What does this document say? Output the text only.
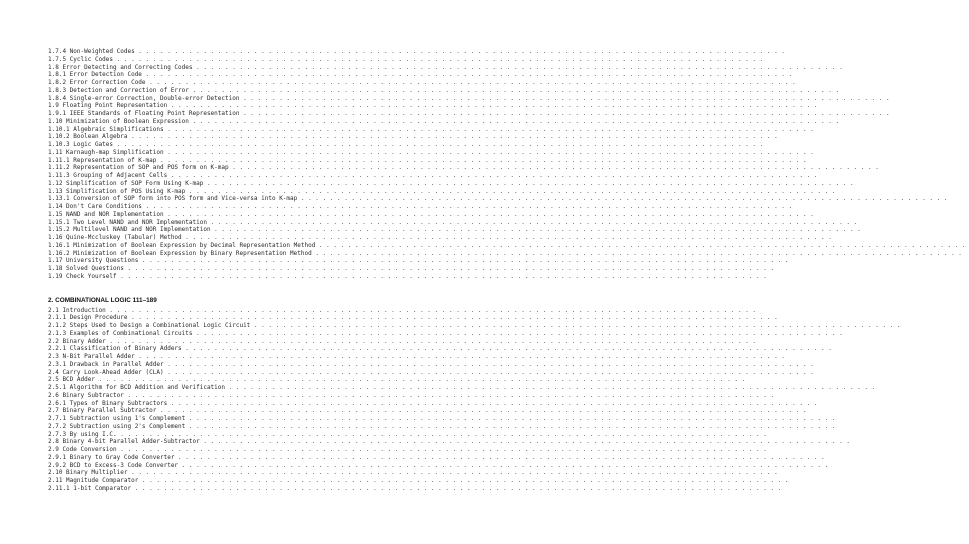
1.7.4 Non-Weighted Codes . . . . . . . . . . . . . . . . . . . . . . . . . . . . . . . . . . . . . . . . . . . . . . . . . . . . . . . . . . . . . . . . . . . . . . . . . . . . . . . . . . . . . . . . . .
1.7.5 Cyclic Codes . . . . . . . . . . . . . . . . . . . . . . . . . . . . . . . . . . . . . . . . . . . . . . . . . . . . . . . . . . . . . . . . . . . . . . . . . . . . . . . . . . . . . . . . . .
1.8 Error Detecting and Correcting Codes . . . . . . . . . . . . . . . . . . . . . . . . . . . . . . . . . . . . . . . . . . . . . . . . . . . . . . . . . . . . . . . . . . . . . . . . . . . . . . . . . . . . . . . . . .
1.8.1 Error Detection Code . . . . . . . . . . . . . . . . . . . . . . . . . . . . . . . . . . . . . . . . . . . . . . . . . . . . . . . . . . . . . . . . . . . . . . . . . . . . . . . . . . . . . . . . . .
1.8.2 Error Correction Code . . . . . . . . . . . . . . . . . . . . . . . . . . . . . . . . . . . . . . . . . . . . . . . . . . . . . . . . . . . . . . . . . . . . . . . . . . . . . . . . . . . . . . . . . .
1.8.3 Detection and Correction of Error . . . . . . . . . . . . . . . . . . . . . . . . . . . . . . . . . . . . . . . . . . . . . . . . . . . . . . . . . . . . . . . . . . . . . . . . . . . . . . . . . . . . . . . . . .
1.8.4 Single-error Correction, Double-error Detection . . . . . . . . . . . . . . . . . . . . . . . . . . . . . . . . . . . . . . . . . . . . . . . . . . . . . . . . . . . . . . . . . . . . . . . . . . . . . . . . . . . . . . . . . .
1.9 Floating Point Representation . . . . . . . . . . . . . . . . . . . . . . . . . . . . . . . . . . . . . . . . . . . . . . . . . . . . . . . . . . . . . . . . . . . . . . . . . . . . . . . . . . . . . . . . . .
1.9.1 IEEE Standards of Floating Point Representation . . . . . . . . . . . . . . . . . . . . . . . . . . . . . . . . . . . . . . . . . . . . . . . . . . . . . . . . . . . . . . . . . . . . . . . . . . . . . . . . . . . . . . . . . .
1.10 Minimization of Boolean Expression . . . . . . . . . . . . . . . . . . . . . . . . . . . . . . . . . . . . . . . . . . . . . . . . . . . . . . . . . . . . . . . . . . . . . . . . . . . . . . . . . . . . . . . . . .
1.10.1 Algebraic Simplifications . . . . . . . . . . . . . . . . . . . . . . . . . . . . . . . . . . . . . . . . . . . . . . . . . . . . . . . . . . . . . . . . . . . . . . . . . . . . . . . . . . . . . . . . . .
1.10.2 Boolean Algebra . . . . . . . . . . . . . . . . . . . . . . . . . . . . . . . . . . . . . . . . . . . . . . . . . . . . . . . . . . . . . . . . . . . . . . . . . . . . . . . . . . . . . . . . . .
1.10.3 Logic Gates . . . . . . . . . . . . . . . . . . . . . . . . . . . . . . . . . . . . . . . . . . . . . . . . . . . . . . . . . . . . . . . . . . . . . . . . . . . . . . . . . . . . . . . . . .
1.11 Karnaugh-map Simplification . . . . . . . . . . . . . . . . . . . . . . . . . . . . . . . . . . . . . . . . . . . . . . . . . . . . . . . . . . . . . . . . . . . . . . . . . . . . . . . . . . . . . . . . . .
1.11.1 Representation of K-map . . . . . . . . . . . . . . . . . . . . . . . . . . . . . . . . . . . . . . . . . . . . . . . . . . . . . . . . . . . . . . . . . . . . . . . . . . . . . . . . . . . . . . . . . .
1.11.2 Representation of SOP and POS form on K-map . . . . . . . . . . . . . . . . . . . . . . . . . . . . . . . . . . . . . . . . . . . . . . . . . . . . . . . . . . . . . . . . . . . . . . . . . . . . . . . . . . . . . . . . . .
1.11.3 Grouping of Adjacent Cells . . . . . . . . . . . . . . . . . . . . . . . . . . . . . . . . . . . . . . . . . . . . . . . . . . . . . . . . . . . . . . . . . . . . . . . . . . . . . . . . . . . . . . . . . .
1.12 Simplification of SOP Form Using K-map . . . . . . . . . . . . . . . . . . . . . . . . . . . . . . . . . . . . . . . . . . . . . . . . . . . . . . . . . . . . . . . . . . . . . . . . . . . . . . . . . . . . . . . . . .
1.13 Simplification of POS Using K-map . . . . . . . . . . . . . . . . . . . . . . . . . . . . . . . . . . . . . . . . . . . . . . . . . . . . . . . . . . . . . . . . . . . . . . . . . . . . . . . . . . . . . . . . . .
1.13.1 Conversion of SOP form into POS form and Vice-versa into K-map . . . . . . . . . . . . . . . . . . . . . . . . . . . . . . . . . . . . . . . . . . . . . . . . . . . . . . . . . . . . . . . . . . . . . . . . . . . . . . . . . . . . . . . . . .
1.14 Don't Care Conditions . . . . . . . . . . . . . . . . . . . . . . . . . . . . . . . . . . . . . . . . . . . . . . . . . . . . . . . . . . . . . . . . . . . . . . . . . . . . . . . . . . . . . . . . . .
1.15 NAND and NOR Implementation . . . . . . . . . . . . . . . . . . . . . . . . . . . . . . . . . . . . . . . . . . . . . . . . . . . . . . . . . . . . . . . . . . . . . . . . . . . . . . . . . . . . . . . . . .
1.15.1 Two Level NAND and NOR Implementation . . . . . . . . . . . . . . . . . . . . . . . . . . . . . . . . . . . . . . . . . . . . . . . . . . . . . . . . . . . . . . . . . . . . . . . . . . . . . . . . . . . . . . . . . .
1.15.2 Multilevel NAND and NOR Implementation . . . . . . . . . . . . . . . . . . . . . . . . . . . . . . . . . . . . . . . . . . . . . . . . . . . . . . . . . . . . . . . . . . . . . . . . . . . . . . . . . . . . . . . . . .
1.16 Quine-Mccluskey (Tabular) Method . . . . . . . . . . . . . . . . . . . . . . . . . . . . . . . . . . . . . . . . . . . . . . . . . . . . . . . . . . . . . . . . . . . . . . . . . . . . . . . . . . . . . . . . . .
1.16.1 Minimization of Boolean Expression by Decimal Representation Method . . . . . . . . . . . . . . . . . . . . . . . . . . . . . . . . . . . . . . . . . . . . . . . . . . . . . . . . . . . . . . . . . . . . . . . . . . . . . . . . . . . . . . . . . .
1.16.2 Minimization of Boolean Expression by Binary Representation Method . . . . . . . . . . . . . . . . . . . . . . . . . . . . . . . . . . . . . . . . . . . . . . . . . . . . . . . . . . . . . . . . . . . . . . . . . . . . . . . . . . . . . . . . . .
1.17 University Questions . . . . . . . . . . . . . . . . . . . . . . . . . . . . . . . . . . . . . . . . . . . . . . . . . . . . . . . . . . . . . . . . . . . . . . . . . . . . . . . . . . . . . . . . . .
1.18 Solved Questions . . . . . . . . . . . . . . . . . . . . . . . . . . . . . . . . . . . . . . . . . . . . . . . . . . . . . . . . . . . . . . . . . . . . . . . . . . . . . . . . . . . . . . . . . .
1.19 Check Yourself . . . . . . . . . . . . . . . . . . . . . . . . . . . . . . . . . . . . . . . . . . . . . . . . . . . . . . . . . . . . . . . . . . . . . . . . . . . . . . . . . . . . . . . . . .
2. COMBINATIONAL LOGIC 111–189
2.1 Introduction . . . . . . . . . . . . . . . . . . . . . . . . . . . . . . . . . . . . . . . . . . . . . . . . . . . . . . . . . . . . . . . . . . . . . . . . . . . . . . . . . . . . . . . . . .
2.1.1 Design Procedure . . . . . . . . . . . . . . . . . . . . . . . . . . . . . . . . . . . . . . . . . . . . . . . . . . . . . . . . . . . . . . . . . . . . . . . . . . . . . . . . . . . . . . . . . .
2.1.2 Steps Used to Design a Combinational Logic Circuit . . . . . . . . . . . . . . . . . . . . . . . . . . . . . . . . . . . . . . . . . . . . . . . . . . . . . . . . . . . . . . . . . . . . . . . . . . . . . . . . . . . . . . . . . .
2.1.3 Examples of Combinational Circuits . . . . . . . . . . . . . . . . . . . . . . . . . . . . . . . . . . . . . . . . . . . . . . . . . . . . . . . . . . . . . . . . . . . . . . . . . . . . . . . . . . . . . . . . . .
2.2 Binary Adder . . . . . . . . . . . . . . . . . . . . . . . . . . . . . . . . . . . . . . . . . . . . . . . . . . . . . . . . . . . . . . . . . . . . . . . . . . . . . . . . . . . . . . . . . .
2.2.1 Classification of Binary Adders . . . . . . . . . . . . . . . . . . . . . . . . . . . . . . . . . . . . . . . . . . . . . . . . . . . . . . . . . . . . . . . . . . . . . . . . . . . . . . . . . . . . . . . . . .
2.3 N-Bit Parallel Adder . . . . . . . . . . . . . . . . . . . . . . . . . . . . . . . . . . . . . . . . . . . . . . . . . . . . . . . . . . . . . . . . . . . . . . . . . . . . . . . . . . . . . . . . . .
2.3.1 Drawback in Parallel Adder . . . . . . . . . . . . . . . . . . . . . . . . . . . . . . . . . . . . . . . . . . . . . . . . . . . . . . . . . . . . . . . . . . . . . . . . . . . . . . . . . . . . . . . . . .
2.4 Carry Look-Ahead Adder (CLA) . . . . . . . . . . . . . . . . . . . . . . . . . . . . . . . . . . . . . . . . . . . . . . . . . . . . . . . . . . . . . . . . . . . . . . . . . . . . . . . . . . . . . . . . . .
2.5 BCD Adder . . . . . . . . . . . . . . . . . . . . . . . . . . . . . . . . . . . . . . . . . . . . . . . . . . . . . . . . . . . . . . . . . . . . . . . . . . . . . . . . . . . . . . . . . .
2.5.1 Algorithm for BCD Addition and Verification . . . . . . . . . . . . . . . . . . . . . . . . . . . . . . . . . . . . . . . . . . . . . . . . . . . . . . . . . . . . . . . . . . . . . . . . . . . . . . . . . . . . . . . . . .
2.6 Binary Subtractor . . . . . . . . . . . . . . . . . . . . . . . . . . . . . . . . . . . . . . . . . . . . . . . . . . . . . . . . . . . . . . . . . . . . . . . . . . . . . . . . . . . . . . . . . .
2.6.1 Types of Binary Subtractors . . . . . . . . . . . . . . . . . . . . . . . . . . . . . . . . . . . . . . . . . . . . . . . . . . . . . . . . . . . . . . . . . . . . . . . . . . . . . . . . . . . . . . . . . .
2.7 Binary Parallel Subtractor . . . . . . . . . . . . . . . . . . . . . . . . . . . . . . . . . . . . . . . . . . . . . . . . . . . . . . . . . . . . . . . . . . . . . . . . . . . . . . . . . . . . . . . . . .
2.7.1 Subtraction using 1's Complement . . . . . . . . . . . . . . . . . . . . . . . . . . . . . . . . . . . . . . . . . . . . . . . . . . . . . . . . . . . . . . . . . . . . . . . . . . . . . . . . . . . . . . . . . .
2.7.2 Subtraction using 2's Complement . . . . . . . . . . . . . . . . . . . . . . . . . . . . . . . . . . . . . . . . . . . . . . . . . . . . . . . . . . . . . . . . . . . . . . . . . . . . . . . . . . . . . . . . . .
2.7.3 By using I.C. . . . . . . . . . . . . . . . . . . . . . . . . . . . . . . . . . . . . . . . . . . . . . . . . . . . . . . . . . . . . . . . . . . . . . . . . . . . . . . . . . . . . . . . . . .
2.8 Binary 4-bit Parallel Adder-Subtractor . . . . . . . . . . . . . . . . . . . . . . . . . . . . . . . . . . . . . . . . . . . . . . . . . . . . . . . . . . . . . . . . . . . . . . . . . . . . . . . . . . . . . . . . . .
2.9 Code Conversion . . . . . . . . . . . . . . . . . . . . . . . . . . . . . . . . . . . . . . . . . . . . . . . . . . . . . . . . . . . . . . . . . . . . . . . . . . . . . . . . . . . . . . . . . .
2.9.1 Binary to Gray Code Converter . . . . . . . . . . . . . . . . . . . . . . . . . . . . . . . . . . . . . . . . . . . . . . . . . . . . . . . . . . . . . . . . . . . . . . . . . . . . . . . . . . . . . . . . . .
2.9.2 BCD to Excess-3 Code Converter . . . . . . . . . . . . . . . . . . . . . . . . . . . . . . . . . . . . . . . . . . . . . . . . . . . . . . . . . . . . . . . . . . . . . . . . . . . . . . . . . . . . . . . . . .
2.10 Binary Multiplier . . . . . . . . . . . . . . . . . . . . . . . . . . . . . . . . . . . . . . . . . . . . . . . . . . . . . . . . . . . . . . . . . . . . . . . . . . . . . . . . . . . . . . . . . .
2.11 Magnitude Comparator . . . . . . . . . . . . . . . . . . . . . . . . . . . . . . . . . . . . . . . . . . . . . . . . . . . . . . . . . . . . . . . . . . . . . . . . . . . . . . . . . . . . . . . . . .
2.11.1 1-bit Comparator . . . . . . . . . . . . . . . . . . . . . . . . . . . . . . . . . . . . . . . . . . . . . . . . . . . . . . . . . . . . . . . . . . . . . . . . . . . . . . . . . . . . . . . . . .
